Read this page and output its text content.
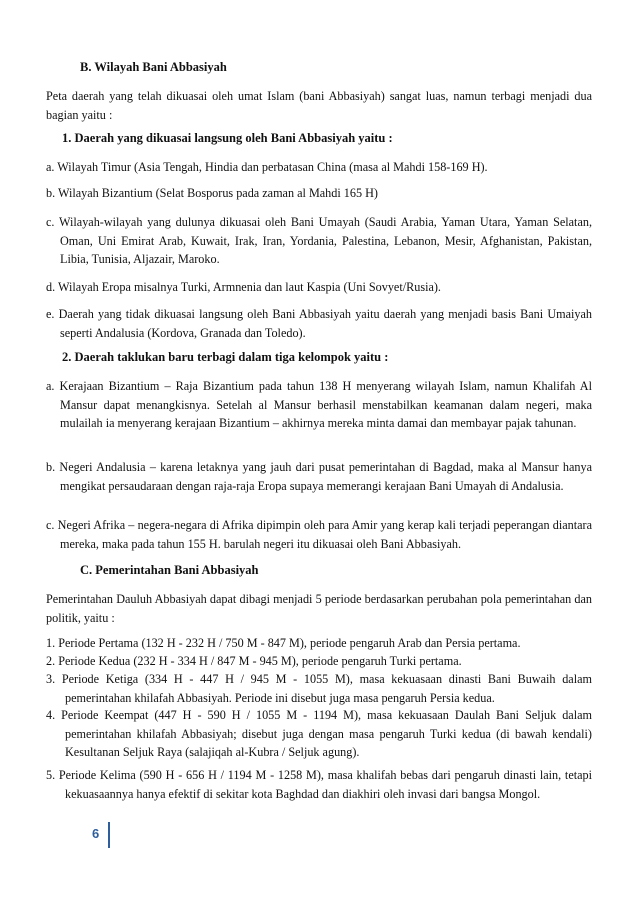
B. Wilayah Bani Abbasiyah
Peta daerah yang telah dikuasai oleh umat Islam (bani Abbasiyah) sangat luas, namun terbagi menjadi dua bagian yaitu :
1. Daerah yang dikuasai langsung oleh Bani Abbasiyah yaitu :
a. Wilayah Timur (Asia Tengah, Hindia dan perbatasan China (masa al Mahdi 158-169 H).
b. Wilayah Bizantium (Selat Bosporus pada zaman al Mahdi 165 H)
c. Wilayah-wilayah yang dulunya dikuasai oleh Bani Umayah (Saudi Arabia, Yaman Utara, Yaman Selatan, Oman, Uni Emirat Arab, Kuwait, Irak, Iran, Yordania, Palestina, Lebanon, Mesir, Afghanistan, Pakistan, Libia, Tunisia, Aljazair, Maroko.
d. Wilayah Eropa misalnya Turki, Armnenia dan laut Kaspia (Uni Sovyet/Rusia).
e. Daerah yang tidak dikuasai langsung oleh Bani Abbasiyah yaitu daerah yang menjadi basis Bani Umaiyah seperti Andalusia (Kordova, Granada dan Toledo).
2. Daerah taklukan baru terbagi dalam tiga kelompok yaitu :
a. Kerajaan Bizantium – Raja Bizantium pada tahun 138 H menyerang wilayah Islam, namun Khalifah Al Mansur dapat menangkisnya. Setelah al Mansur berhasil menstabilkan keamanan dalam negeri, maka mulailah ia menyerang kerajaan Bizantium – akhirnya mereka minta damai dan membayar pajak tahunan.
b. Negeri Andalusia – karena letaknya yang jauh dari pusat pemerintahan di Bagdad, maka al Mansur hanya mengikat persaudaraan dengan raja-raja Eropa supaya memerangi kerajaan Bani Umayah di Andalusia.
c. Negeri Afrika – negera-negara di Afrika dipimpin oleh para Amir yang kerap kali terjadi peperangan diantara mereka, maka pada tahun 155 H. barulah negeri itu dikuasai oleh Bani Abbasiyah.
C. Pemerintahan Bani Abbasiyah
Pemerintahan Dauluh Abbasiyah dapat dibagi menjadi 5 periode berdasarkan perubahan pola pemerintahan dan politik, yaitu :
1. Periode Pertama (132 H - 232 H / 750 M - 847 M), periode pengaruh Arab dan Persia pertama.
2. Periode Kedua (232 H - 334 H / 847 M - 945 M), periode pengaruh Turki pertama.
3. Periode Ketiga (334 H - 447 H / 945 M - 1055 M), masa kekuasaan dinasti Bani Buwaih dalam pemerintahan khilafah Abbasiyah. Periode ini disebut juga masa pengaruh Persia kedua.
4. Periode Keempat (447 H - 590 H / 1055 M - 1194 M), masa kekuasaan Daulah Bani Seljuk dalam pemerintahan khilafah Abbasiyah; disebut juga dengan masa pengaruh Turki kedua (di bawah kendali) Kesultanan Seljuk Raya (salajiqah al-Kubra / Seljuk agung).
5. Periode Kelima (590 H - 656 H / 1194 M - 1258 M), masa khalifah bebas dari pengaruh dinasti lain, tetapi kekuasaannya hanya efektif di sekitar kota Baghdad dan diakhiri oleh invasi dari bangsa Mongol.
6
